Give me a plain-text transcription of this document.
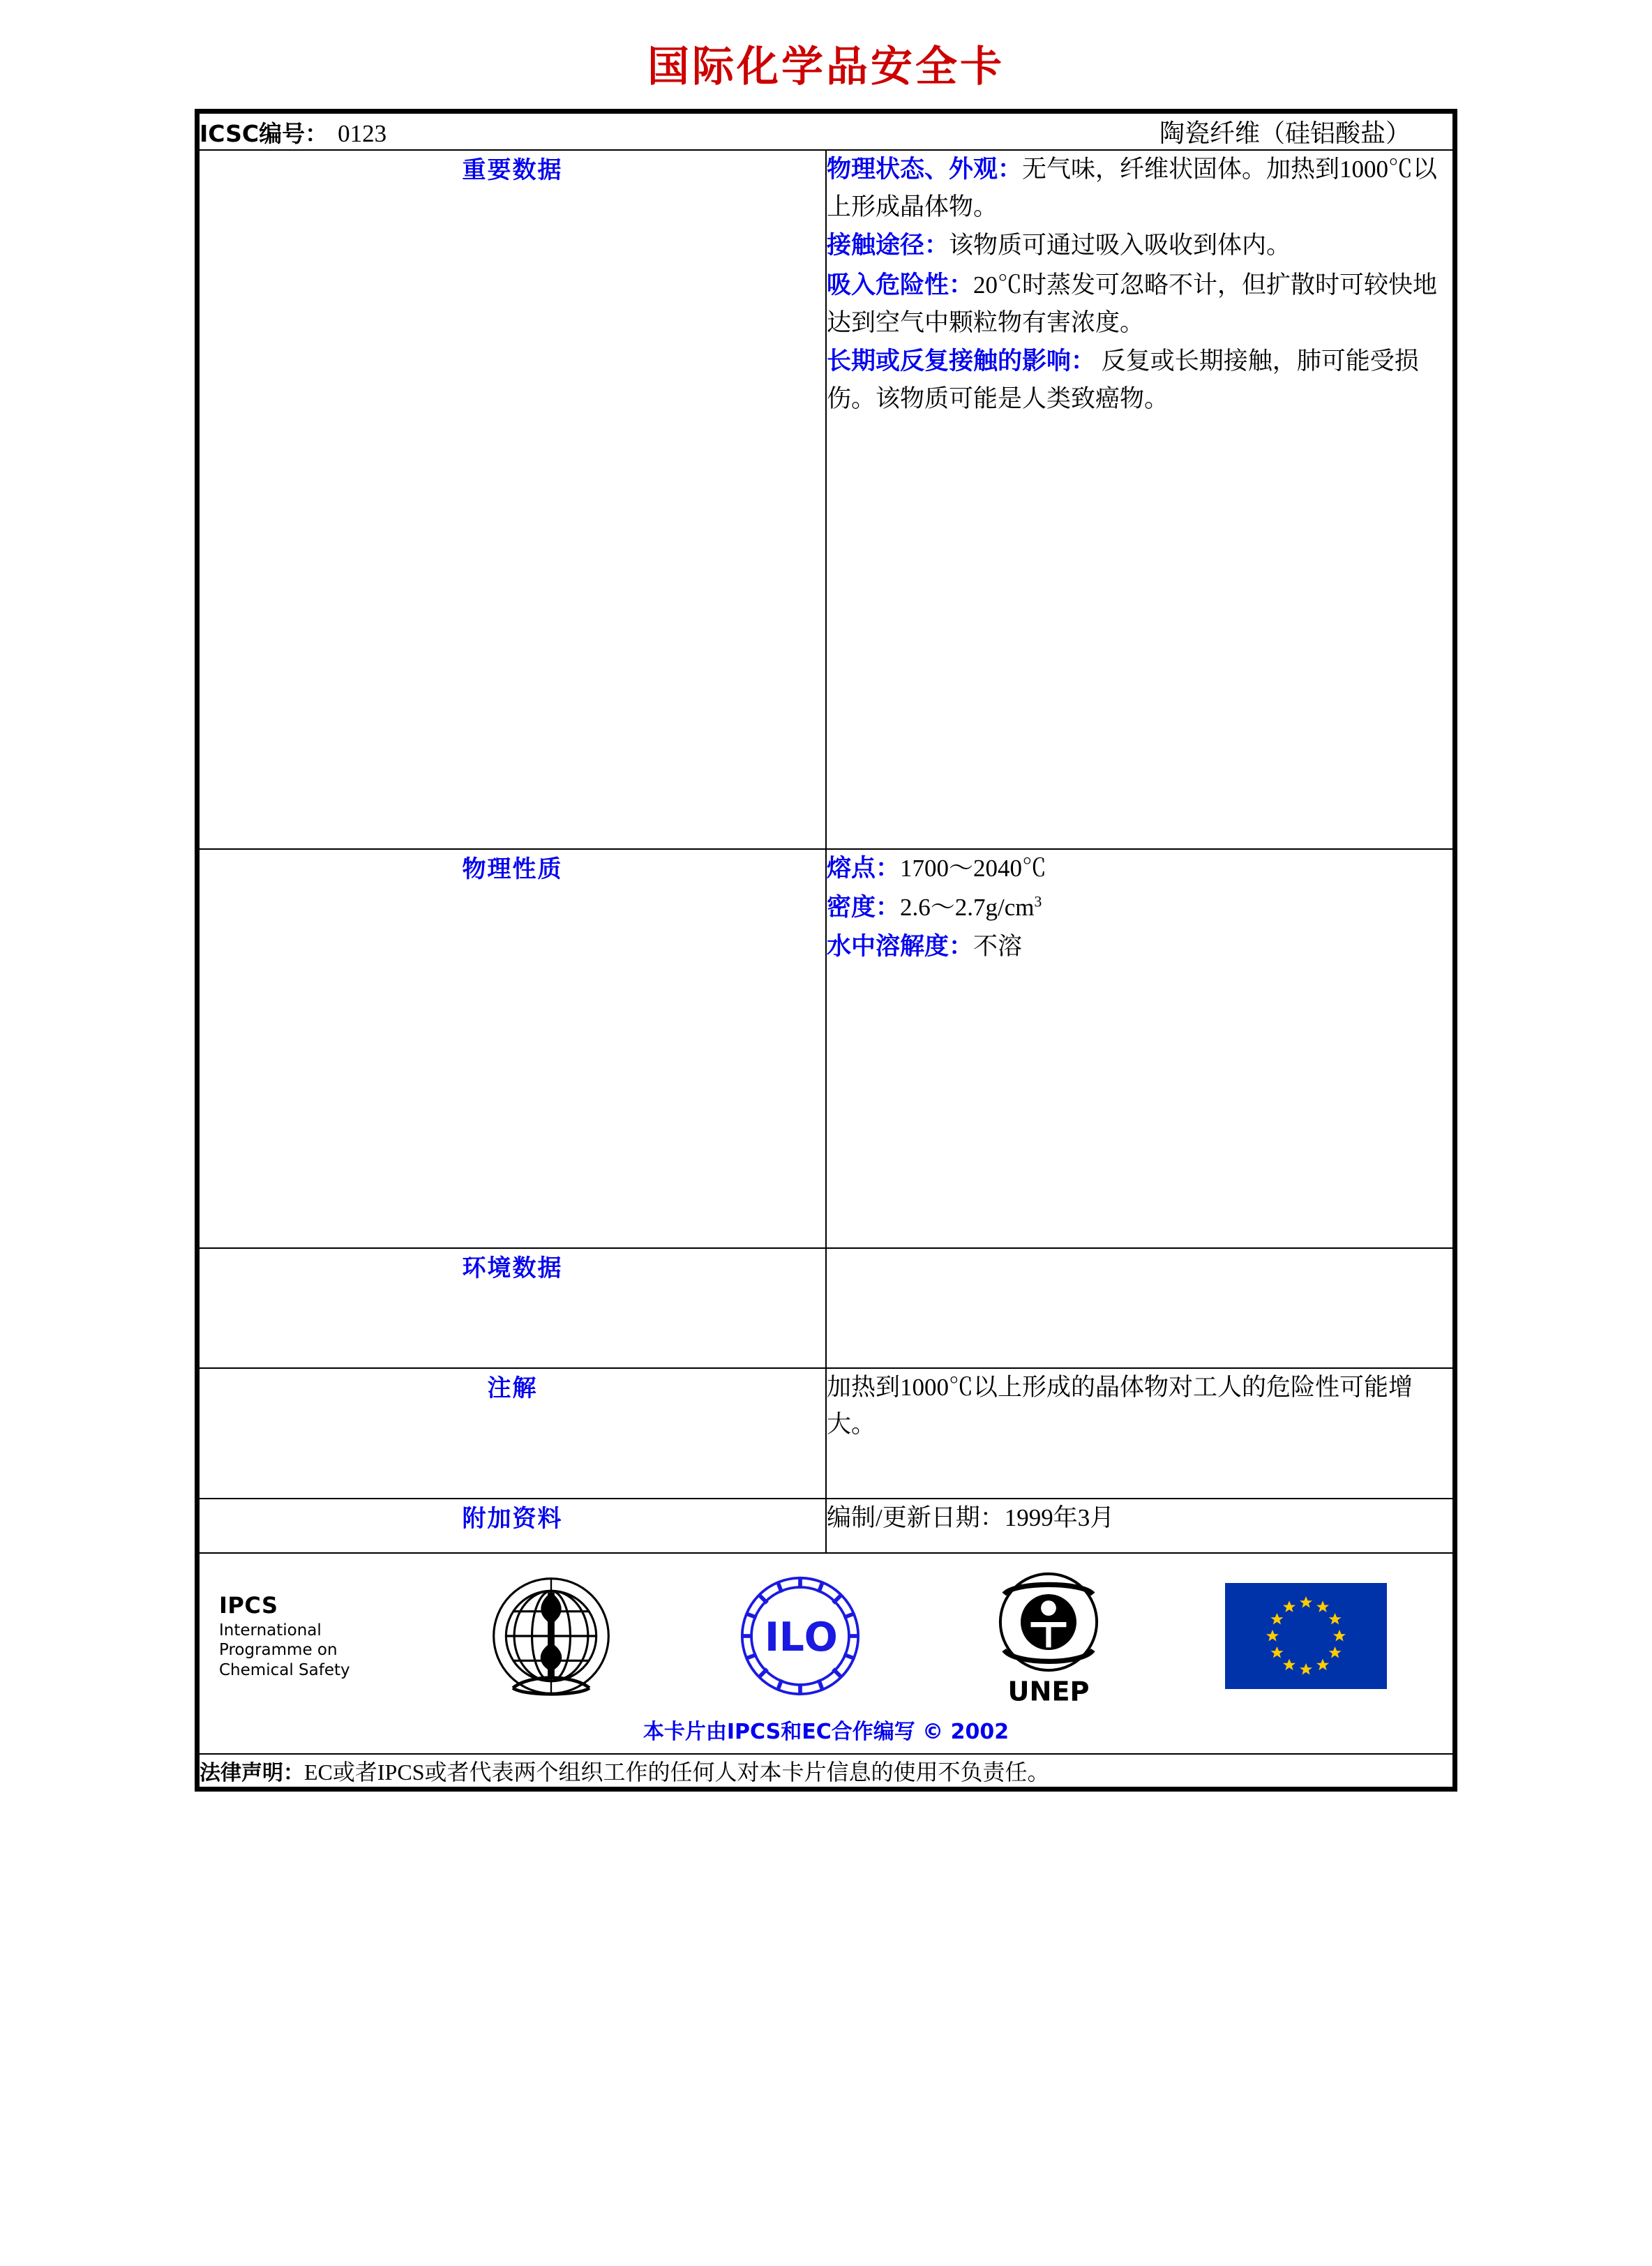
国际化学品安全卡
ICSC编号： 0123 陶瓷纤维（硅铝酸盐）	

重要数据	物理状态、外观：无气味，纤维状固体。加热到1000℃以上形成晶体物。

接触途径：该物质可通过吸入吸收到体内。

吸入危险性：20℃时蒸发可忽略不计，但扩散时可较快地达到空气中颗粒物有害浓度。

长期或反复接触的影响： 反复或长期接触，肺可能受损伤。该物质可能是人类致癌物。

物理性质	熔点：1700～2040℃

密度：$2.6\sim 2.7g/cm^3$

水中溶解度：不溶

环境数据	
注解	加热到1000℃以上形成的晶体物对工人的危险性可能增大。
附加资料	编制/更新日期：1999年3月

IPCS
International
Programme on
Chemical Safety
I L O
UNEP
本卡片由IPCS和EC合作编写 © 2002

法律声明：EC或者IPCS或者代表两个组织工作的任何人对本卡片信息的使用不负责任。	
